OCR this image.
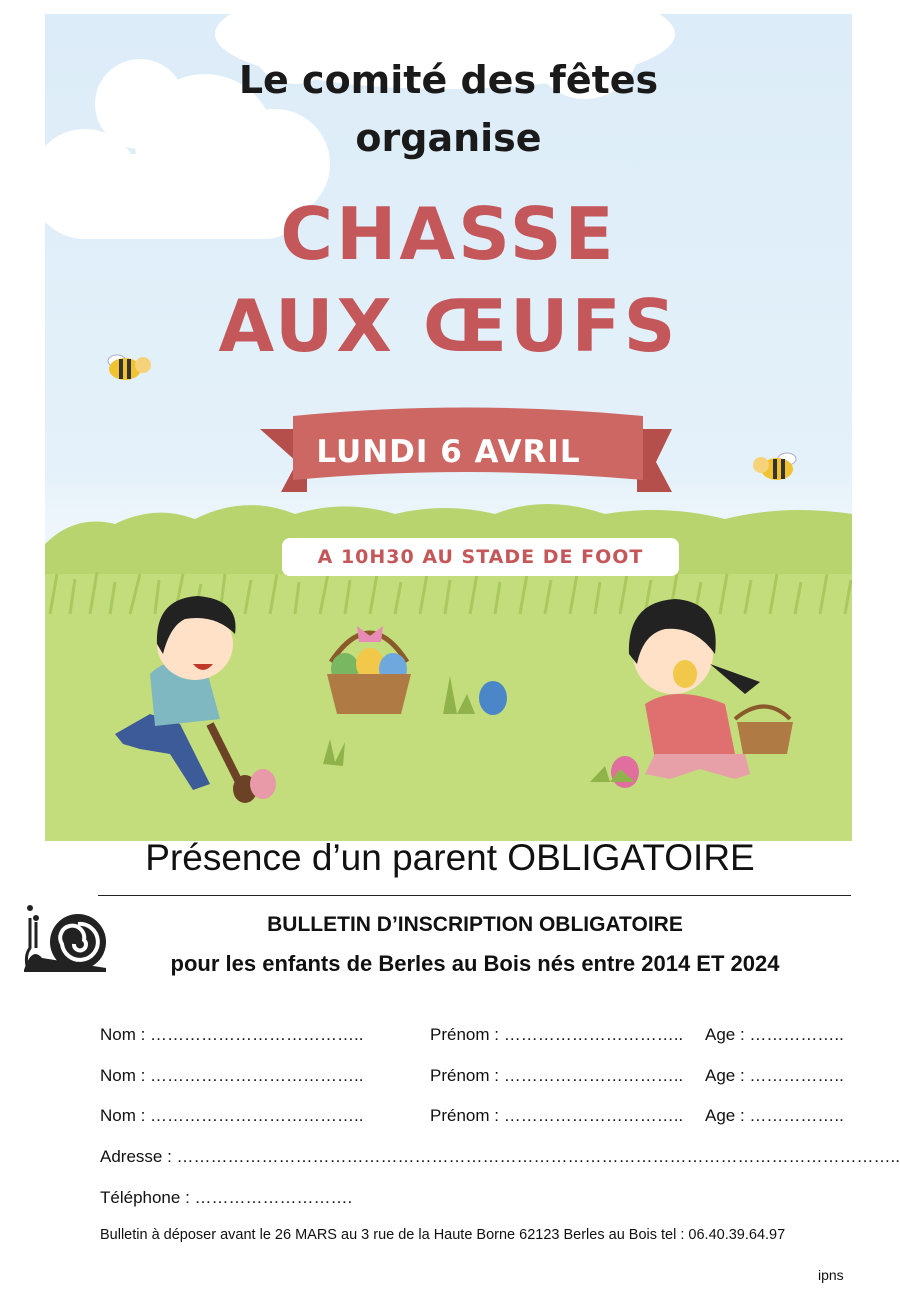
Le comité des fêtes
organise
CHASSE
AUX ŒUFS
LUNDI 6 AVRIL
A 10H30 AU STADE DE FOOT
Présence d’un parent OBLIGATOIRE
BULLETIN D’INSCRIPTION OBLIGATOIRE
pour les enfants de Berles au Bois nés entre 2014 ET 2024
Nom : ………………………………..	Prénom : ………………………….. Age : ……………..
Nom : ………………………………..	Prénom : ………………………….. Age : ……………..
Nom : ………………………………..	Prénom : ………………………….. Age : ……………..
Adresse : ………………………………………………………………………………………………………………..
Téléphone : ……………………….
Bulletin à déposer avant le 26 MARS au 3 rue de la Haute Borne 62123 Berles au Bois tel : 06.40.39.64.97
ipns
